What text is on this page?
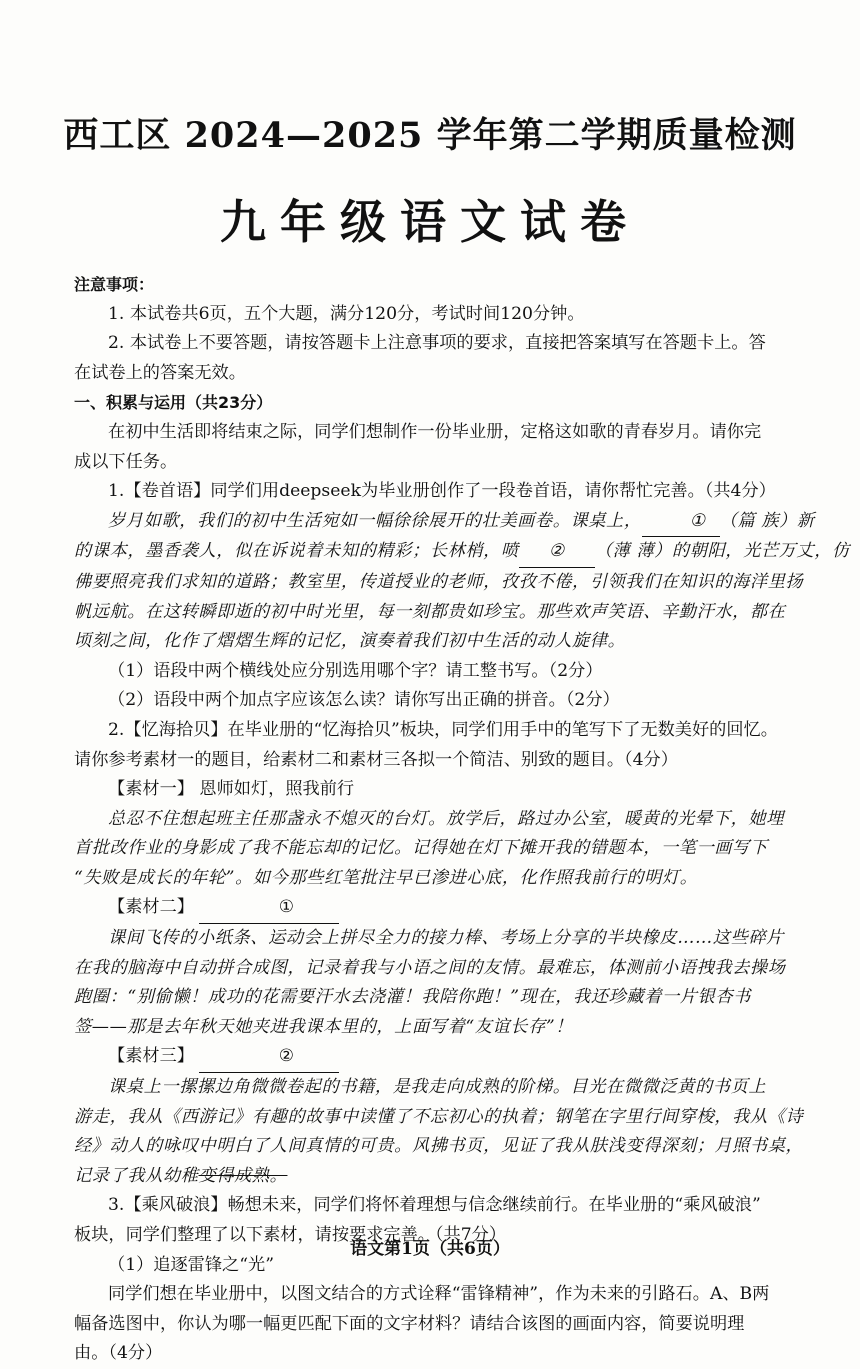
西工区 2024—2025 学年第二学期质量检测
九年级语文试卷
注意事项：
1. 本试卷共6页，五个大题，满分120分，考试时间120分钟。
2. 本试卷上不要答题，请按答题卡上注意事项的要求，直接把答案填写在答题卡上。答
在试卷上的答案无效。
一、积累与运用（共23分）
在初中生活即将结束之际，同学们想制作一份毕业册，定格这如歌的青春岁月。请你完
成以下任务。
1.【卷首语】同学们用deepseek为毕业册创作了一段卷首语，请你帮忙完善。（共4分）
岁月如歌，我们的初中生活宛如一幅徐徐展开的壮美画卷。课桌上，	① （篇 族）新
的课本，墨香袭人，似在诉说着未知的精彩；长林梢，喷 ② （薄 薄）的朝阳，光芒万丈，仿
佛要照亮我们求知的道路；教室里，传道授业的老师，孜孜不倦，引领我们在知识的海洋里扬
帆远航。在这转瞬即逝的初中时光里，每一刻都贵如珍宝。那些欢声笑语、辛勤汗水，都在
顷刻之间，化作了熠熠生辉的记忆，演奏着我们初中生活的动人旋律。
（1）语段中两个横线处应分别选用哪个字？请工整书写。（2分）
（2）语段中两个加点字应该怎么读？请你写出正确的拼音。（2分）
2.【忆海拾贝】在毕业册的“忆海拾贝”板块，同学们用手中的笔写下了无数美好的回忆。
请你参考素材一的题目，给素材二和素材三各拟一个简洁、别致的题目。（4分）
【素材一】 恩师如灯，照我前行
总忍不住想起班主任那盏永不熄灭的台灯。放学后，路过办公室，暖黄的光晕下，她埋
首批改作业的身影成了我不能忘却的记忆。记得她在灯下摊开我的错题本，一笔一画写下
“失败是成长的年轮”。如今那些红笔批注早已渗进心底，化作照我前行的明灯。
【素材二】	①
课间飞传的小纸条、运动会上拼尽全力的接力棒、考场上分享的半块橡皮……这些碎片
在我的脑海中自动拼合成图，记录着我与小语之间的友情。最难忘，体测前小语拽我去操场
跑圈：“别偷懒！成功的花需要汗水去浇灌！我陪你跑！”现在，我还珍藏着一片银杏书
签——那是去年秋天她夹进我课本里的，上面写着“友谊长存”！
【素材三】	②
课桌上一摞摞边角微微卷起的书籍，是我走向成熟的阶梯。目光在微微泛黄的书页上
游走，我从《西游记》有趣的故事中读懂了不忘初心的执着；钢笔在字里行间穿梭，我从《诗
经》动人的咏叹中明白了人间真情的可贵。风拂书页，见证了我从肤浅变得深刻；月照书桌，
记录了我从幼稚变得成熟。
3.【乘风破浪】畅想未来，同学们将怀着理想与信念继续前行。在毕业册的“乘风破浪”
板块，同学们整理了以下素材，请按要求完善。（共7分）
（1）追逐雷锋之“光”
同学们想在毕业册中，以图文结合的方式诠释“雷锋精神”，作为未来的引路石。A、B两
幅备选图中，你认为哪一幅更匹配下面的文字材料？请结合该图的画面内容，简要说明理
由。（4分）
语文第1页（共6页）
